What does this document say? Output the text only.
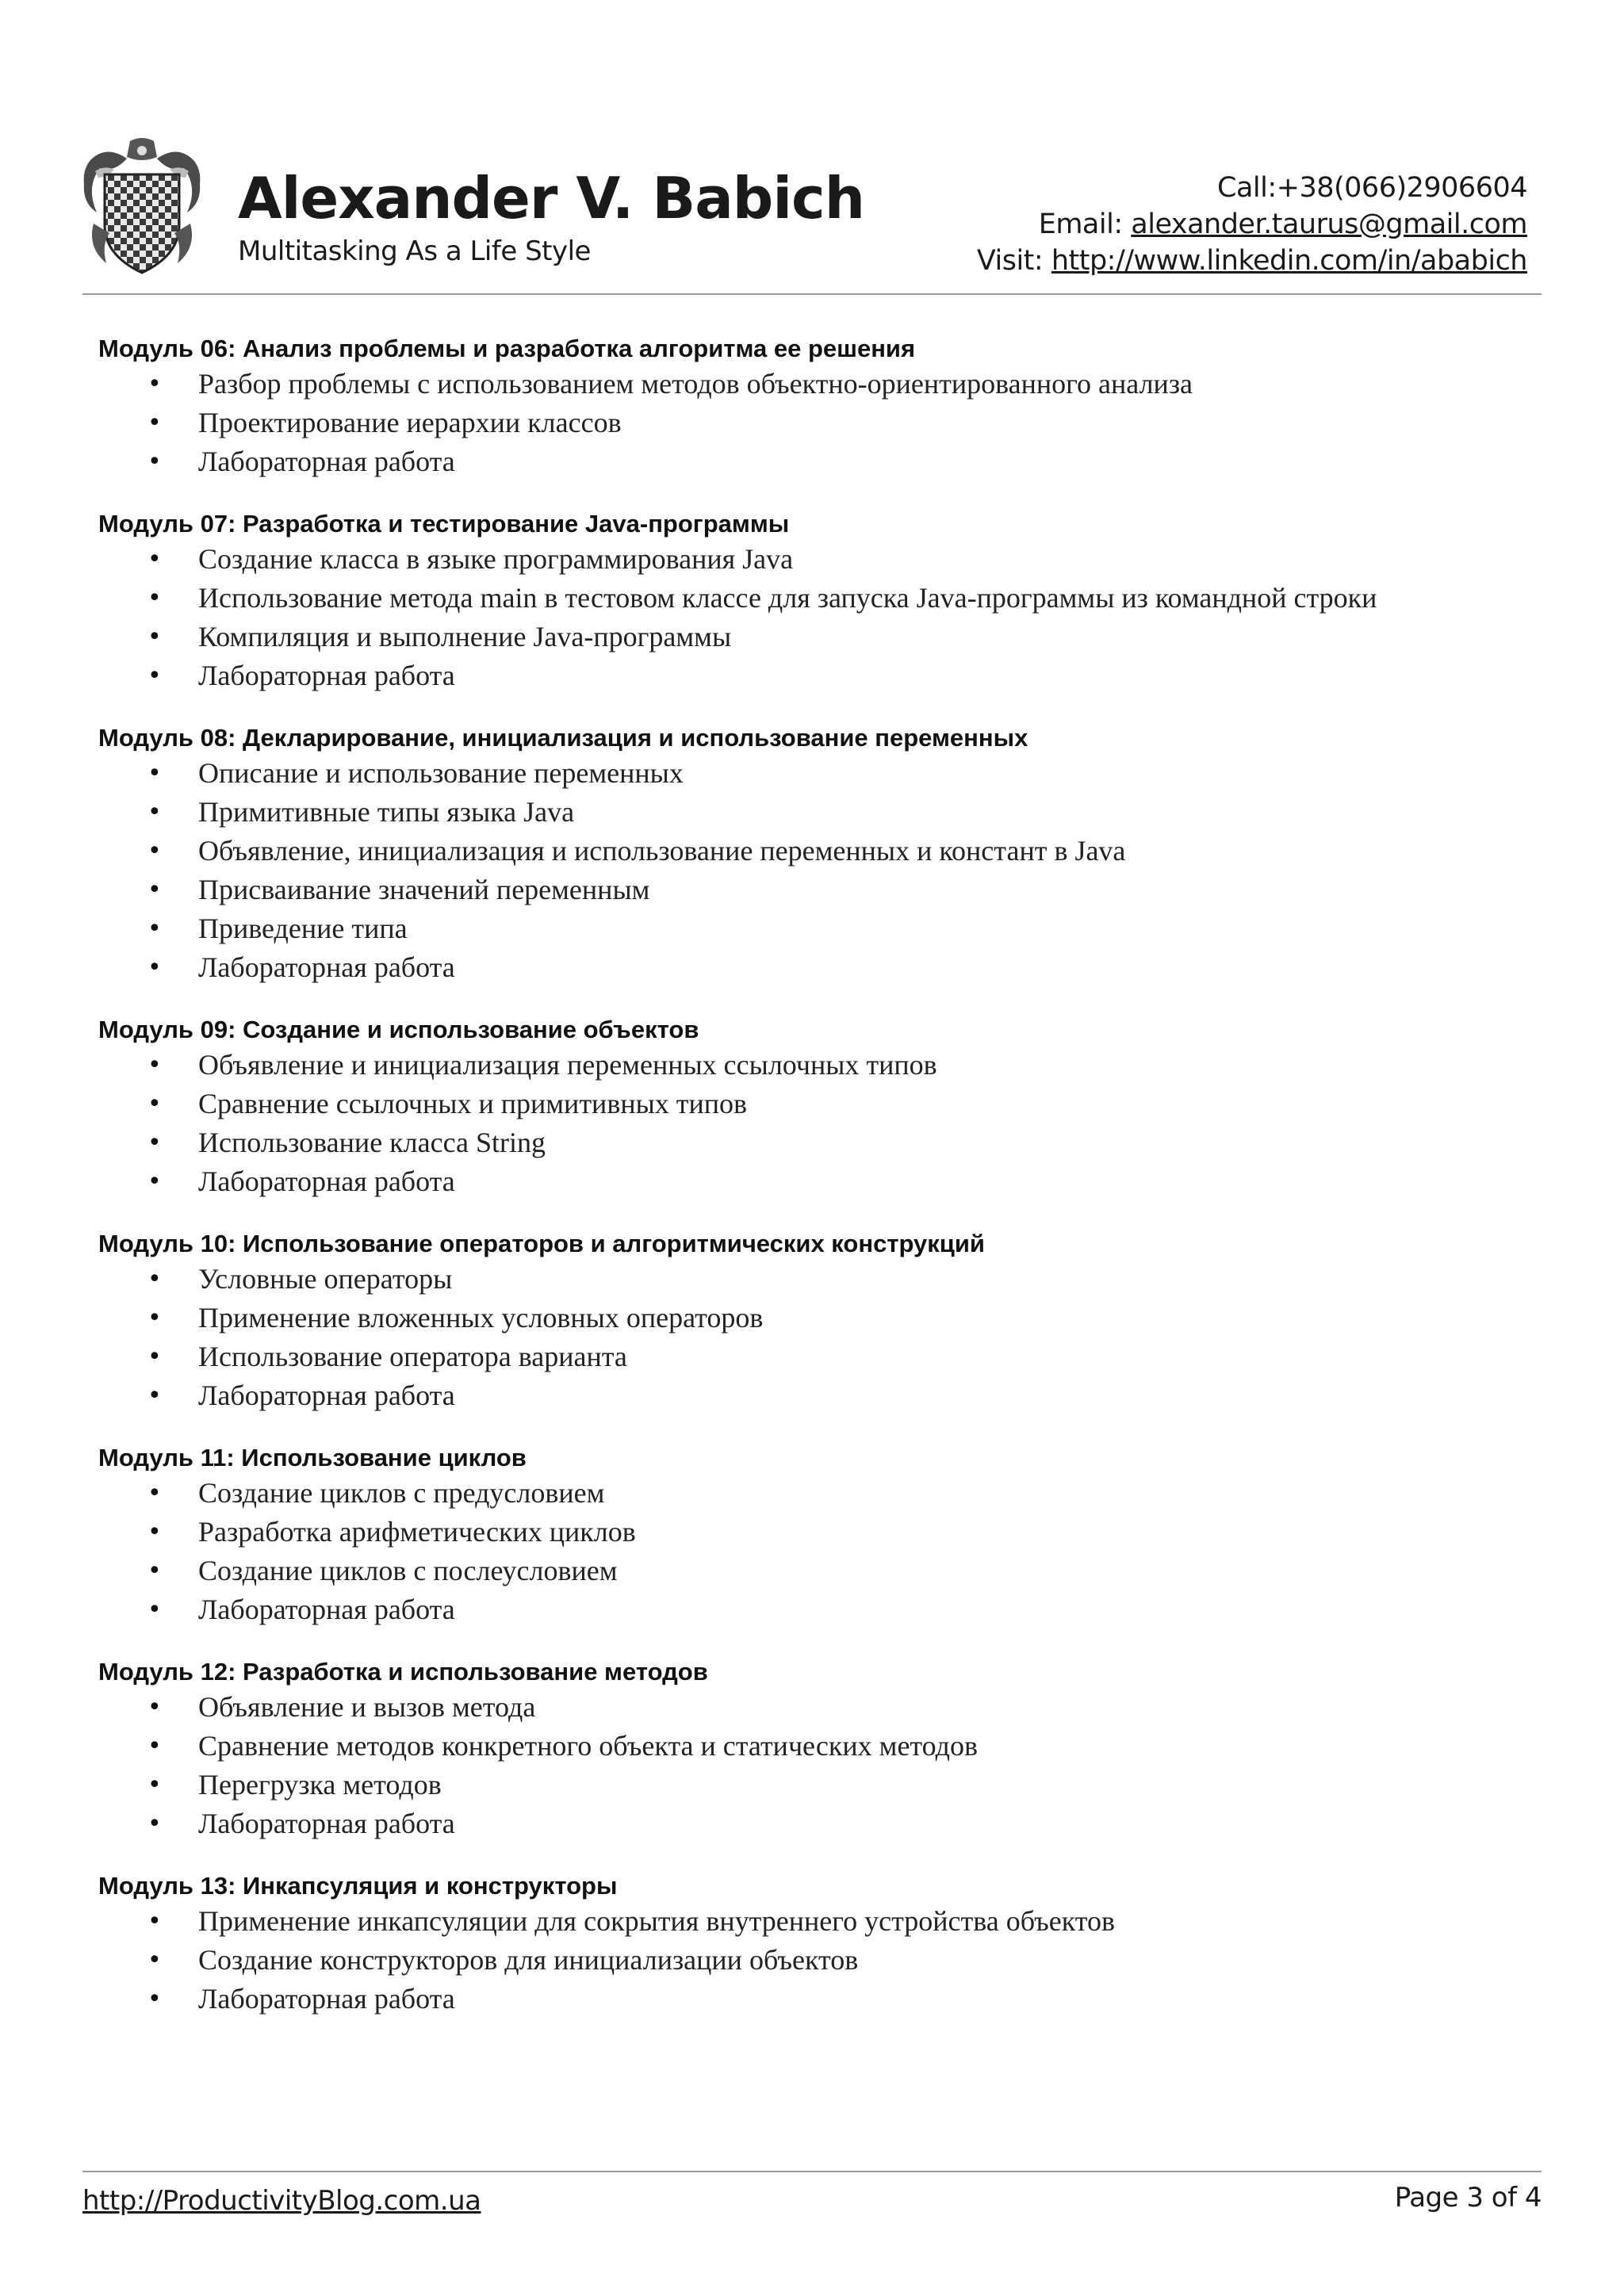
Alexander V. Babich
Multitasking As a Life Style
Call:+38(066)2906604
Email: alexander.taurus@gmail.com
Visit: http://www.linkedin.com/in/ababich
Модуль 06: Анализ проблемы и разработка алгоритма ее решения
• Разбор проблемы с использованием методов объектно-ориентированного анализа
• Проектирование иерархии классов
• Лабораторная работа
Модуль 07: Разработка и тестирование Java-программы
• Создание класса в языке программирования Java
• Использование метода main в тестовом классе для запуска Java-программы из командной строки
• Компиляция и выполнение Java-программы
• Лабораторная работа
Модуль 08: Декларирование, инициализация и использование переменных
• Описание и использование переменных
• Примитивные типы языка Java
• Объявление, инициализация и использование переменных и констант в Java
• Присваивание значений переменным
• Приведение типа
• Лабораторная работа
Модуль 09: Создание и использование объектов
• Объявление и инициализация переменных ссылочных типов
• Сравнение ссылочных и примитивных типов
• Использование класса String
• Лабораторная работа
Модуль 10: Использование операторов и алгоритмических конструкций
• Условные операторы
• Применение вложенных условных операторов
• Использование оператора варианта
• Лабораторная работа
Модуль 11: Использование циклов
• Создание циклов с предусловием
• Разработка арифметических циклов
• Создание циклов с послеусловием
• Лабораторная работа
Модуль 12: Разработка и использование методов
• Объявление и вызов метода
• Сравнение методов конкретного объекта и статических методов
• Перегрузка методов
• Лабораторная работа
Модуль 13: Инкапсуляция и конструкторы
• Применение инкапсуляции для сокрытия внутреннего устройства объектов
• Создание конструкторов для инициализации объектов
• Лабораторная работа
http://ProductivityBlog.com.ua	Page 3 of 4
